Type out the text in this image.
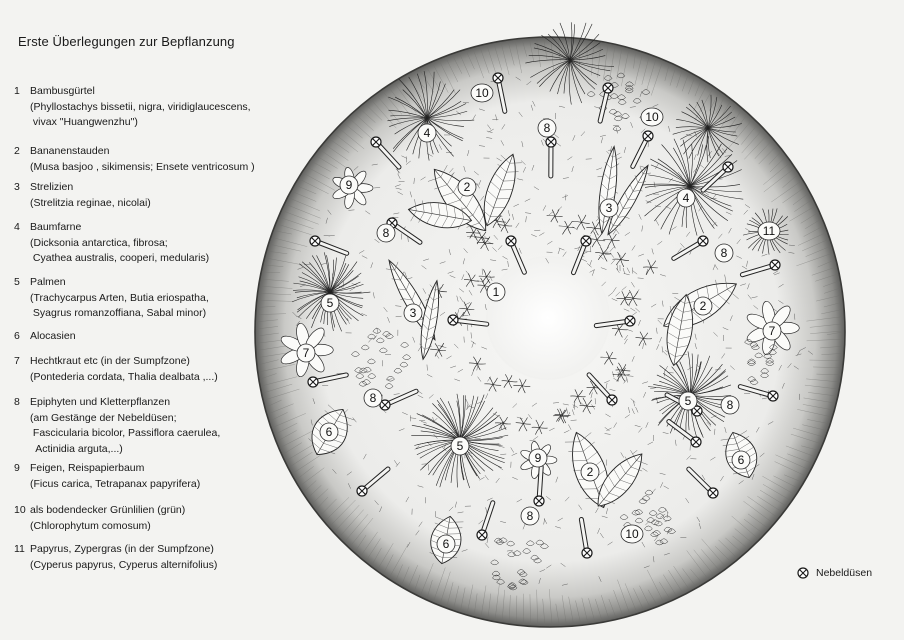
Erste Überlegungen zur Bepflanzung
1 Bambusgürtel
(Phyllostachys bissetii, nigra, viridiglaucescens,
vivax "Huangwenzhu")
2 Bananenstauden
(Musa basjoo , sikimensis; Ensete ventricosum )
3 Strelizien
(Strelitzia reginae, nicolai)
4 Baumfarne
(Dicksonia antarctica, fibrosa;
Cyathea australis, cooperi, medularis)
5 Palmen
(Trachycarpus Arten, Butia eriospatha,
Syagrus romanzoffiana, Sabal minor)
6 Alocasien
7 Hechtkraut etc (in der Sumpfzone)
(Pontederia cordata, Thalia dealbata ,...)
8 Epiphyten und Kletterpflanzen
(am Gestänge der Nebeldüsen;
Fascicularia bicolor, Passiflora caerulea,
Actinidia arguta,...)
9 Feigen, Reispapierbaum
(Ficus carica, Tetrapanax papyrifera)
10 als bodendecker Grünlilien (grün)
(Chlorophytum comosum)
11 Papyrus, Zypergras (in der Sumpfzone)
(Cyperus papyrus, Cyperus alternifolius)
1
2
2
2
3
3
4
4
5
5
5
6
6
6
7
7
8
8
8
8	8
8
9
9
10
10
10
11
Nebeldüsen
